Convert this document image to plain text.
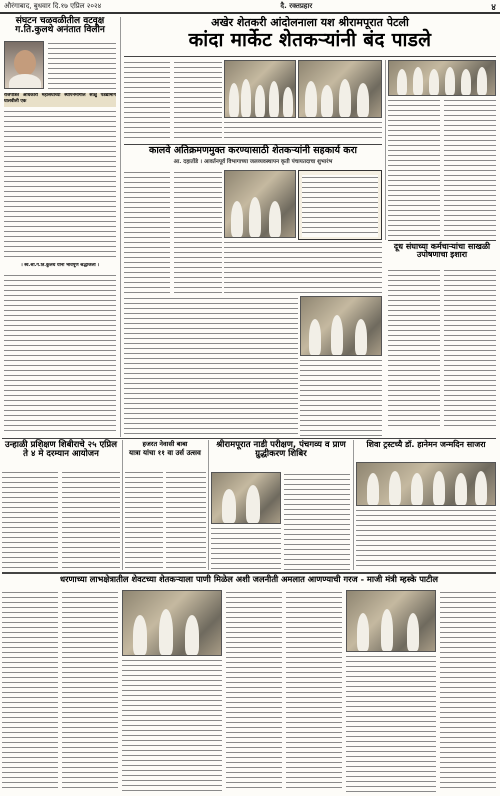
औरंगाबाद, बुधवार दि.१७ एप्रिल २०२४	दै. रक्तप्रहार	४
संघटन चळवळीतील वटवृक्ष
ग.ति.कुलथे अनंतात विलीन
राजपत्रित अधिकारी महासंघाच्या स्थापनेमागील साक्षु पडद्यामागे घालवीली एक
। स्व.श्री.ग.ति.कुलथे यांना भावपूर्ण श्रद्धांजली ।
अखेर शेतकरी आंदोलनाला यश श्रीरामपूरात पेटली
कांदा मार्केट शेतकऱ्यांनी बंद पाडले
कालवे अतिक्रमणमुक्त करण्यासाठी शेतकऱ्यांनी सहकार्य करा
आ. दहातोंडे । आवर्तनपूर्व विभागाच्या जलव्यवस्थापन कृती पंचायतदाचा शुभारंभ
दूध संघाच्या कर्मचाऱ्यांचा साखळी उपोषणाचा इशारा
उन्हाळी प्रशिक्षण शिबीराचे २५ एप्रिल ते ४ मे दरम्यान आयोजन
हजरत नेवासी बाबा
यात्रा यांचा ११ वा उर्स उत्सव
श्रीरामपूरात नाडी परीक्षण, पंचगव्य व प्राण ग्रुद्धीकरण शिबिर
शिवा ट्रस्टच्यै डॉ. हानेमन जन्मदिन साजरा
धरणाच्या लाभक्षेत्रातील शेवटच्या शेतकऱ्याला पाणी मिळेल अशी जलनीती अमलात आणण्याची गरज - माजी मंत्री म्हस्के पाटील
